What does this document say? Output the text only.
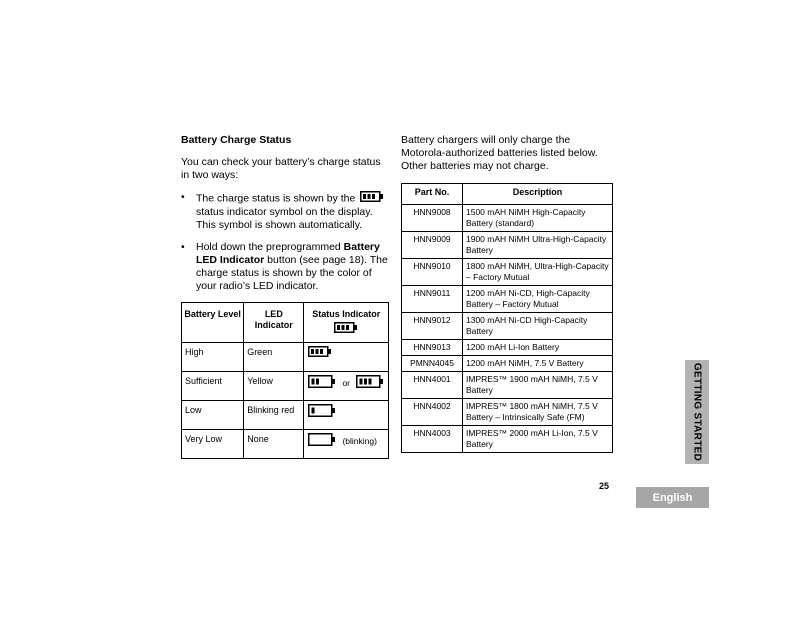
Battery Charge Status

You can check your battery’s charge status in two ways:

• The charge status is shown by the  status indicator symbol on the display. This symbol is shown automatically.
• Hold down the preprogrammed Battery LED Indicator button (see page 18). The charge status is shown by the color of your radio’s LED indicator.
Battery Level	LED Indicator	Status Indicator

High	Green	

Sufficient	Yellow	or

Low	Blinking red	

Very Low	None	(blinking)

Battery chargers will only charge the Motorola-authorized batteries listed below. Other batteries may not charge.

Part No.	Description
HNN9008	1500 mAH NiMH High-Capacity Battery (standard)
HNN9009	1900 mAH NiMH Ultra-High-Capacity Battery
HNN9010	1800 mAH NiMH, Ultra-High-Capacity – Factory Mutual
HNN9011	1200 mAH Ni-CD, High-Capacity Battery – Factory Mutual
HNN9012	1300 mAH Ni-CD High-Capacity Battery
HNN9013	1200 mAH Li-Ion Battery
PMNN4045	1200 mAH NiMH, 7.5 V Battery
HNN4001	IMPRES™ 1900 mAH NiMH, 7.5 V Battery
HNN4002	IMPRES™ 1800 mAH NiMH, 7.5 V Battery – Intrinsically Safe (FM)
HNN4003	IMPRES™ 2000 mAH Li-Ion, 7.5 V Battery	GETTING STARTED
25
English
